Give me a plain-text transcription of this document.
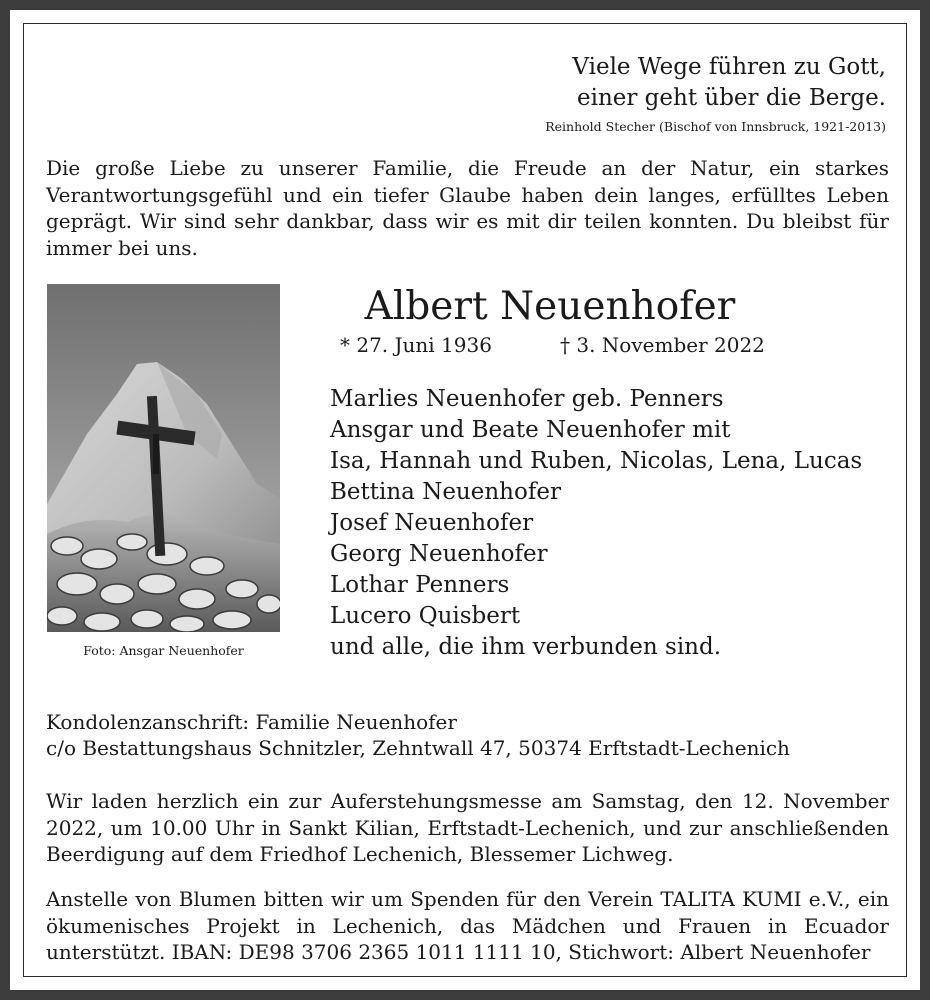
Viele Wege führen zu Gott,
einer geht über die Berge.
Reinhold Stecher (Bischof von Innsbruck, 1921-2013)
Die große Liebe zu unserer Familie, die Freude an der Natur, ein starkes Verantwortungsgefühl und ein tiefer Glaube haben dein langes, erfülltes Leben geprägt. Wir sind sehr dankbar, dass wir es mit dir teilen konnten. Du bleibst für immer bei uns.
Foto: Ansgar Neuenhofer
Albert Neuenhofer
* 27. Juni 1936	† 3. November 2022
Marlies Neuenhofer geb. Penners
Ansgar und Beate Neuenhofer mit
Isa, Hannah und Ruben, Nicolas, Lena, Lucas
Bettina Neuenhofer
Josef Neuenhofer
Georg Neuenhofer
Lothar Penners
Lucero Quisbert
und alle, die ihm verbunden sind.
Kondolenzanschrift: Familie Neuenhofer
c/o Bestattungshaus Schnitzler, Zehntwall 47, 50374 Erftstadt-Lechenich
Wir laden herzlich ein zur Auferstehungsmesse am Samstag, den 12. November 2022, um 10.00 Uhr in Sankt Kilian, Erftstadt-Lechenich, und zur anschließenden Beerdigung auf dem Friedhof Lechenich, Blessemer Lichweg.
Anstelle von Blumen bitten wir um Spenden für den Verein TALITA KUMI e.V., ein ökumenisches Projekt in Lechenich, das Mädchen und Frauen in Ecuador unterstützt. IBAN: DE98 3706 2365 1011 1111 10, Stichwort: Albert Neuenhofer
